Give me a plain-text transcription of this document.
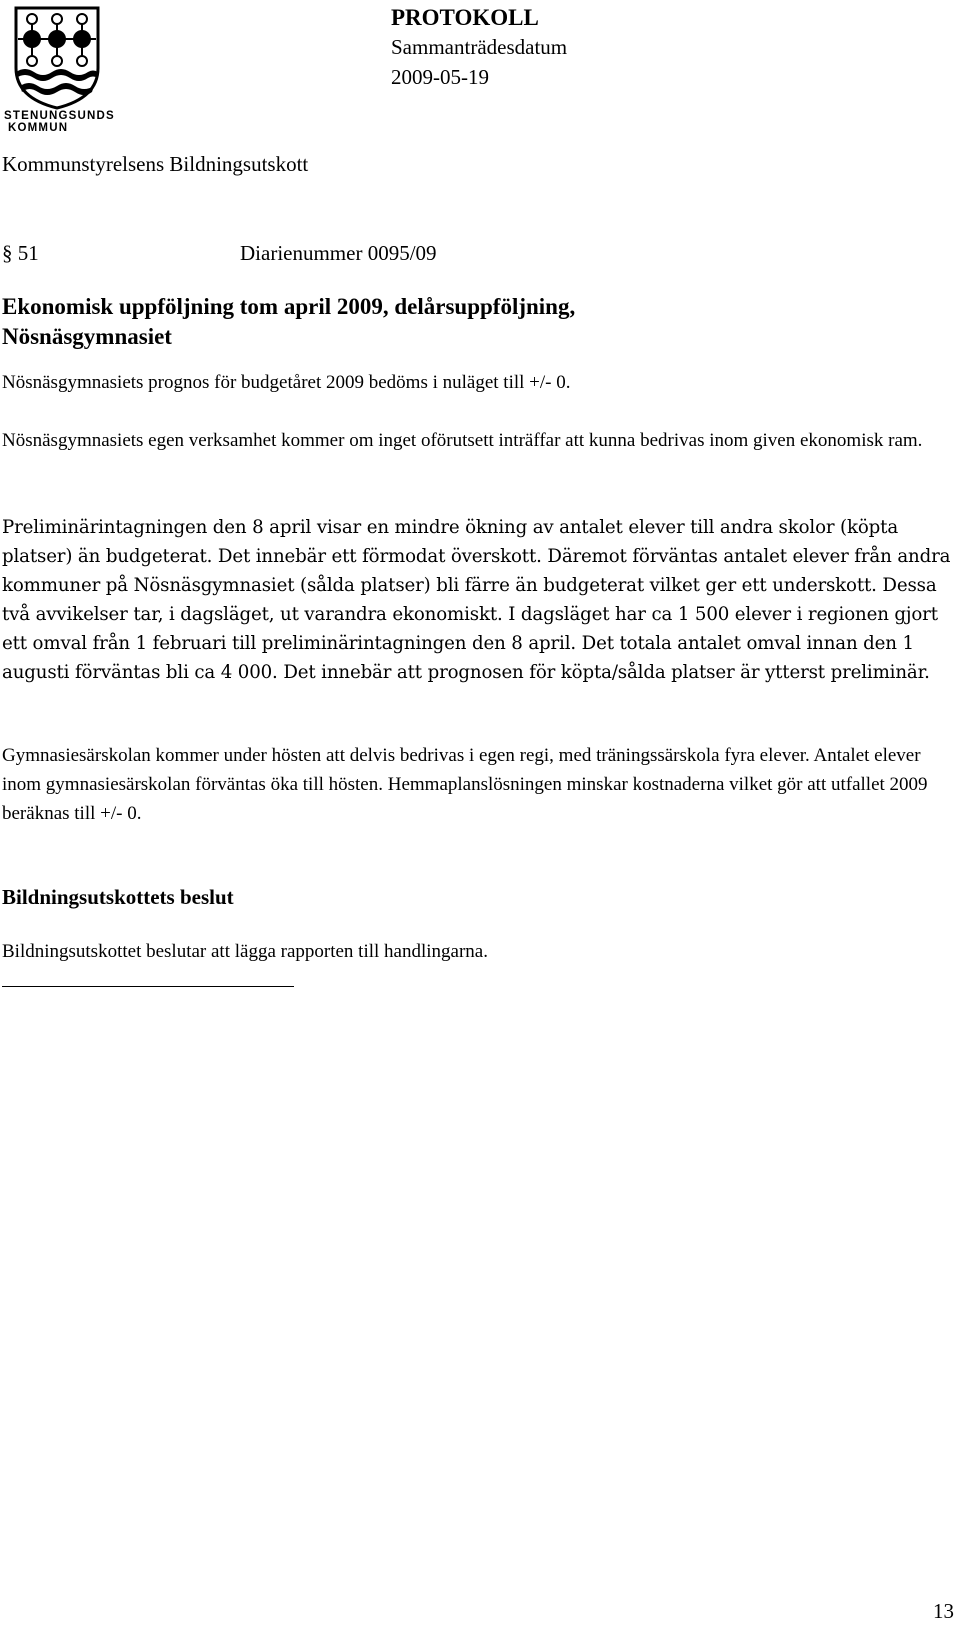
STENUNGSUNDS
KOMMUN
PROTOKOLL
Sammanträdesdatum
2009-05-19
Kommunstyrelsens Bildningsutskott
§ 51	Diarienummer 0095/09
Ekonomisk uppföljning tom april 2009, delårsuppföljning,
Nösnäsgymnasiet

Nösnäsgymnasiets prognos för budgetåret 2009 bedöms i nuläget till +/- 0.

Nösnäsgymnasiets egen verksamhet kommer om inget oförutsett inträffar att kunna bedrivas inom given ekonomisk ram.

Preliminärintagningen den 8 april visar en mindre ökning av antalet elever till andra skolor (köpta platser) än budgeterat. Det innebär ett förmodat överskott. Däremot förväntas antalet elever från andra kommuner på Nösnäsgymnasiet (sålda platser) bli färre än budgeterat vilket ger ett underskott. Dessa två avvikelser tar, i dagsläget, ut varandra ekonomiskt. I dagsläget har ca 1 500 elever i regionen gjort ett omval från 1 februari till preliminärintagningen den 8 april. Det totala antalet omval innan den 1 augusti förväntas bli ca 4 000. Det innebär att prognosen för köpta/sålda platser är ytterst preliminär.

Gymnasiesärskolan kommer under hösten att delvis bedrivas i egen regi, med träningssärskola fyra elever. Antalet elever inom gymnasiesärskolan förväntas öka till hösten. Hemmaplanslösningen minskar kostnaderna vilket gör att utfallet 2009 beräknas till +/- 0.

Bildningsutskottets beslut

Bildningsutskottet beslutar att lägga rapporten till handlingarna.

13
